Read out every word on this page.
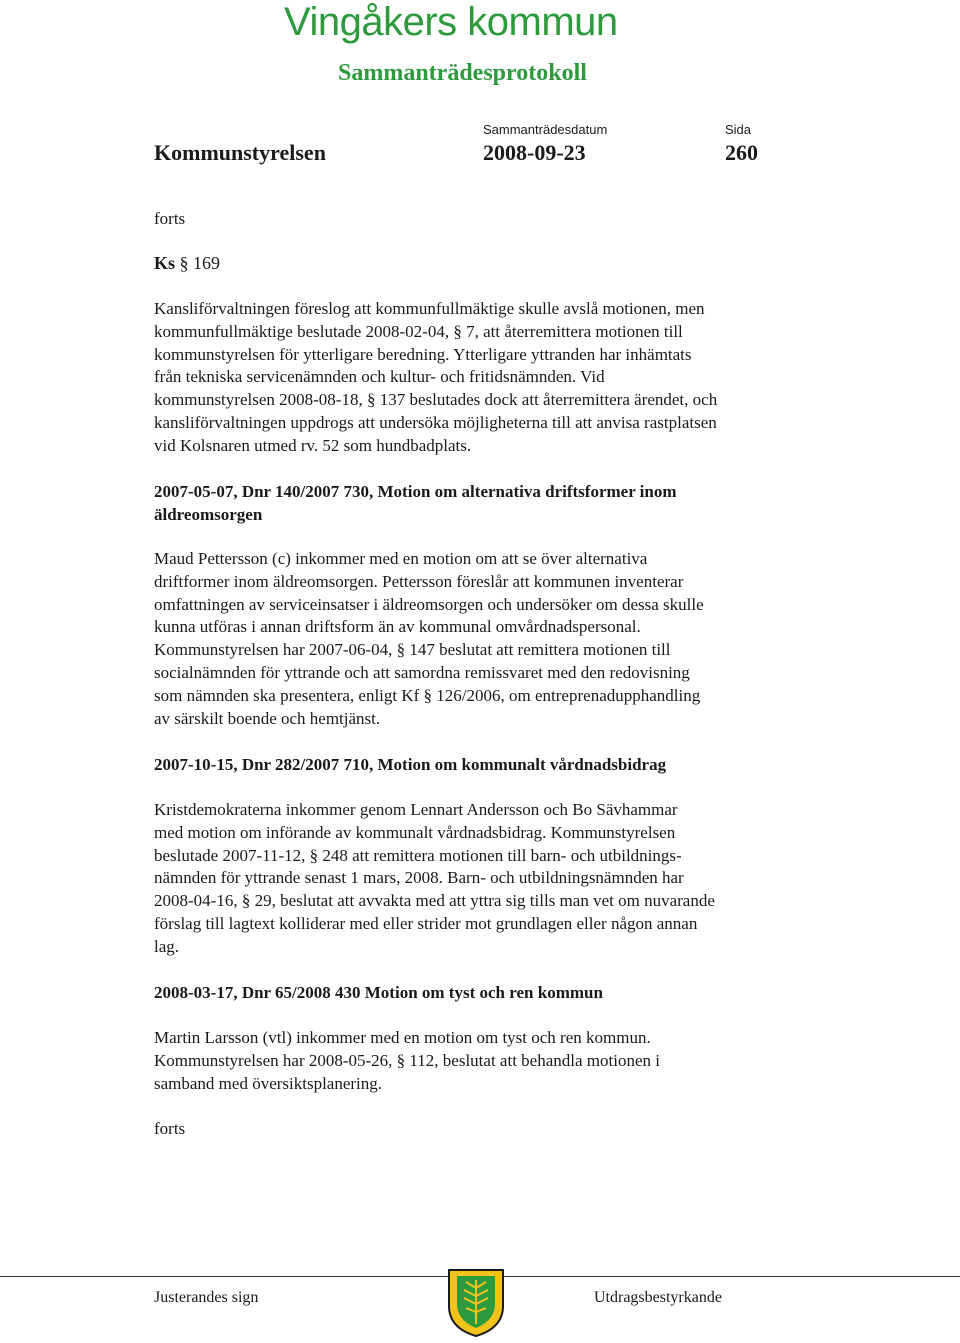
Vingåkers kommun
Sammanträdesprotokoll
Sammanträdesdatum	Sida
Kommunstyrelsen	2008-09-23	260
forts
Ks § 169
Kansliförvaltningen föreslog att kommunfullmäktige skulle avslå motionen, men
kommunfullmäktige beslutade 2008-02-04, § 7, att återremittera motionen till
kommunstyrelsen för ytterligare beredning. Ytterligare yttranden har inhämtats
från tekniska servicenämnden och kultur- och fritidsnämnden. Vid
kommunstyrelsen 2008-08-18, § 137 beslutades dock att återremittera ärendet, och
kansliförvaltningen uppdrogs att undersöka möjligheterna till att anvisa rastplatsen
vid Kolsnaren utmed rv. 52 som hundbadplats.
2007-05-07, Dnr 140/2007 730, Motion om alternativa driftsformer inom
äldreomsorgen
Maud Pettersson (c) inkommer med en motion om att se över alternativa
driftformer inom äldreomsorgen. Pettersson föreslår att kommunen inventerar
omfattningen av serviceinsatser i äldreomsorgen och undersöker om dessa skulle
kunna utföras i annan driftsform än av kommunal omvårdnadspersonal.
Kommunstyrelsen har 2007-06-04, § 147 beslutat att remittera motionen till
socialnämnden för yttrande och att samordna remissvaret med den redovisning
som nämnden ska presentera, enligt Kf § 126/2006, om entreprenadupphandling
av särskilt boende och hemtjänst.
2007-10-15, Dnr 282/2007 710, Motion om kommunalt vårdnadsbidrag
Kristdemokraterna inkommer genom Lennart Andersson och Bo Sävhammar
med motion om införande av kommunalt vårdnadsbidrag. Kommunstyrelsen
beslutade 2007-11-12, § 248 att remittera motionen till barn- och utbildnings-
nämnden för yttrande senast 1 mars, 2008. Barn- och utbildningsnämnden har
2008-04-16, § 29, beslutat att avvakta med att yttra sig tills man vet om nuvarande
förslag till lagtext kolliderar med eller strider mot grundlagen eller någon annan
lag.
2008-03-17, Dnr 65/2008 430 Motion om tyst och ren kommun
Martin Larsson (vtl) inkommer med en motion om tyst och ren kommun.
Kommunstyrelsen har 2008-05-26, § 112, beslutat att behandla motionen i
samband med översiktsplanering.
forts
Justerandes sign	Utdragsbestyrkande
